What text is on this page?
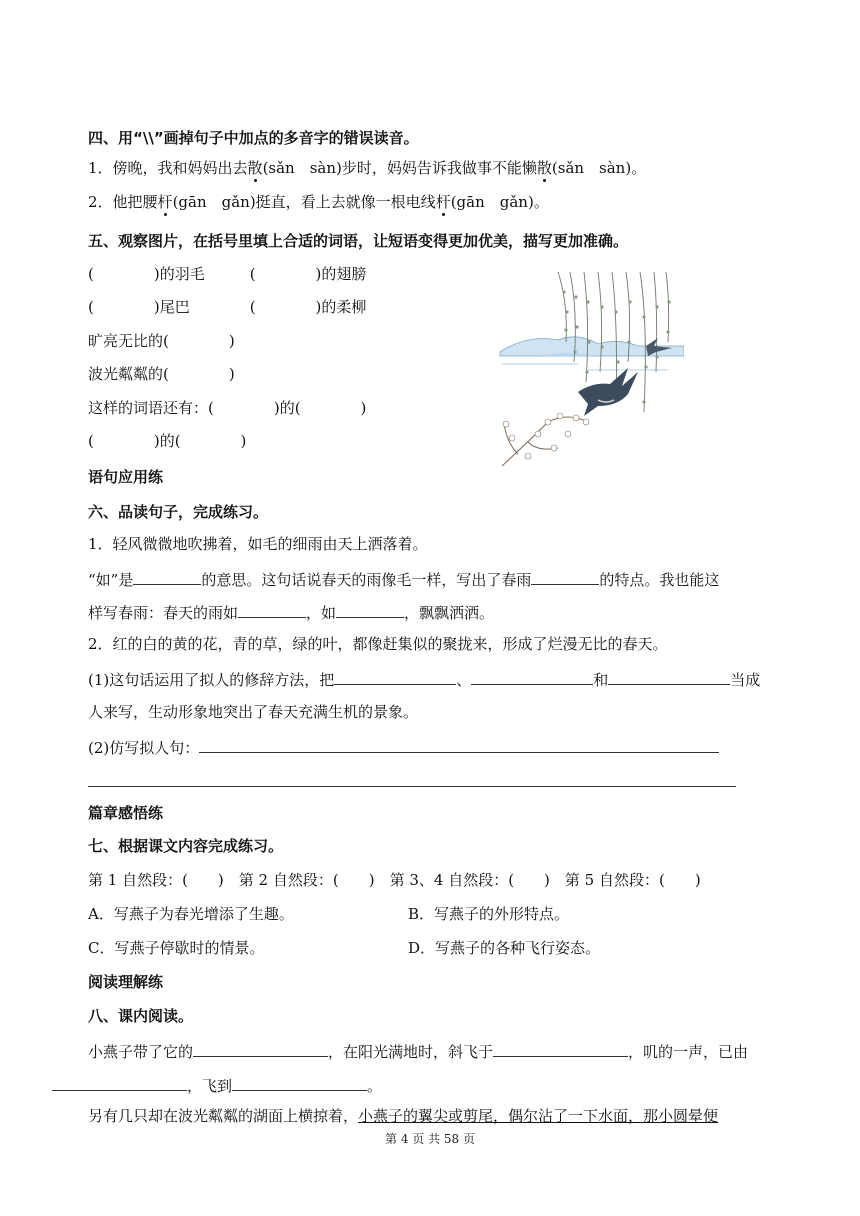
四、用“\\”画掉句子中加点的多音字的错误读音。
1．傍晚，我和妈妈出去散(sǎn　sàn)步时，妈妈告诉我做事不能懒散(sǎn　sàn)。
2．他把腰杆(gān　gǎn)挺直，看上去就像一根电线杆(gān　gǎn)。
五、观察图片，在括号里填上合适的词语，让短语变得更加优美，描写更加准确。
(　　　　)的羽毛　　　(　　　　)的翅膀
(　　　　)尾巴　　　　(　　　　)的柔柳
旷亮无比的(　　　　)
波光粼粼的(　　　　)
这样的词语还有：(　　　　)的(　　　　)
(　　　　)的(　　　　)
语句应用练
六、品读句子，完成练习。
1．轻风微微地吹拂着，如毛的细雨由天上洒落着。
“如”是	的意思。这句话说春天的雨像毛一样，写出了春雨	的特点。我也能这
样写春雨：春天的雨如	，如	，飘飘洒洒。
2．红的白的黄的花，青的草，绿的叶，都像赶集似的聚拢来，形成了烂漫无比的春天。
(1)这句话运用了拟人的修辞方法，把	、	和	当成
人来写，生动形象地突出了春天充满生机的景象。
(2)仿写拟人句：
篇章感悟练
七、根据课文内容完成练习。
第 1 自然段：(　　)　第 2 自然段：(　　)　第 3、4 自然段：(　　)　第 5 自然段：(　　)
A．写燕子为春光增添了生趣。	B．写燕子的外形特点。
C．写燕子停歇时的情景。	D．写燕子的各种飞行姿态。
阅读理解练
八、课内阅读。
小燕子带了它的	，在阳光满地时，斜飞于	，叽的一声，已由
，飞到	。
另有几只却在波光粼粼的湖面上横掠着，小燕子的翼尖或剪尾，偶尔沾了一下水面，那小圆晕便
第 4 页 共 58 页
